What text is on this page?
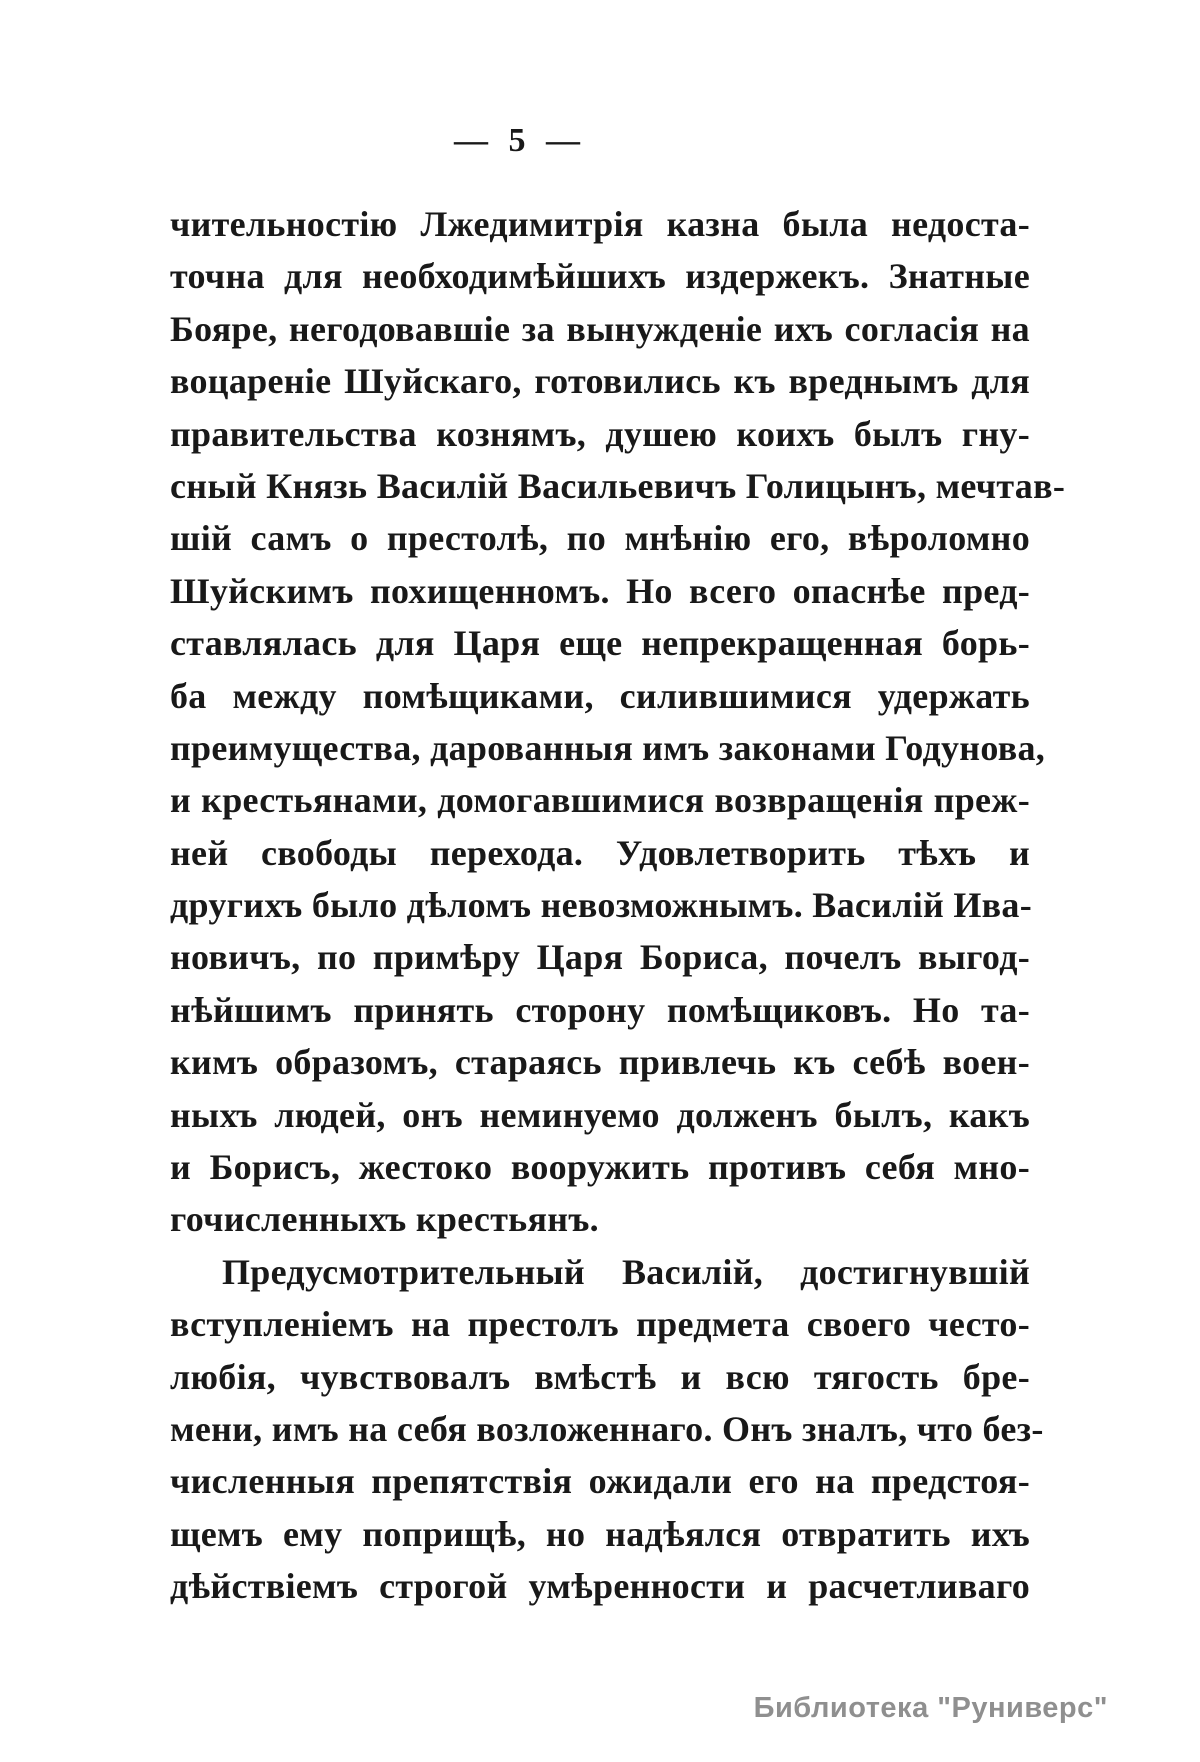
— 5 —
чительностію Лжедимитрія казна была недоста-
точна для необходимѣйшихъ издержекъ. Знатные
Бояре, негодовавшіе за вынужденіе ихъ согласія на
воцареніе Шуйскаго, готовились къ вреднымъ для
правительства кознямъ, душею коихъ былъ гну-
сный Князь Василій Васильевичъ Голицынъ, мечтав-
шій самъ о престолѣ, по мнѣнію его, вѣроломно
Шуйскимъ похищенномъ. Но всего опаснѣе пред-
ставлялась для Царя еще непрекращенная борь-
ба между помѣщиками, силившимися удержать
преимущества, дарованныя имъ законами Годунова,
и крестьянами, домогавшимися возвращенія преж-
ней свободы перехода. Удовлетворить тѣхъ и
другихъ было дѣломъ невозможнымъ. Василій Ива-
новичъ, по примѣру Царя Бориса, почелъ выгод-
нѣйшимъ принять сторону помѣщиковъ. Но та-
кимъ образомъ, стараясь привлечь къ себѣ воен-
ныхъ людей, онъ неминуемо долженъ былъ, какъ
и Борисъ, жестоко вооружить противъ себя мно-
гочисленныхъ крестьянъ.
Предусмотрительный Василій, достигнувшій
вступленіемъ на престолъ предмета своего често-
любія, чувствовалъ вмѣстѣ и всю тягость бре-
мени, имъ на себя возложеннаго. Онъ зналъ, что без-
численныя препятствія ожидали его на предстоя-
щемъ ему поприщѣ, но надѣялся отвратить ихъ
дѣйствіемъ строгой умѣренности и расчетливаго
Библиотека "Руниверс"
